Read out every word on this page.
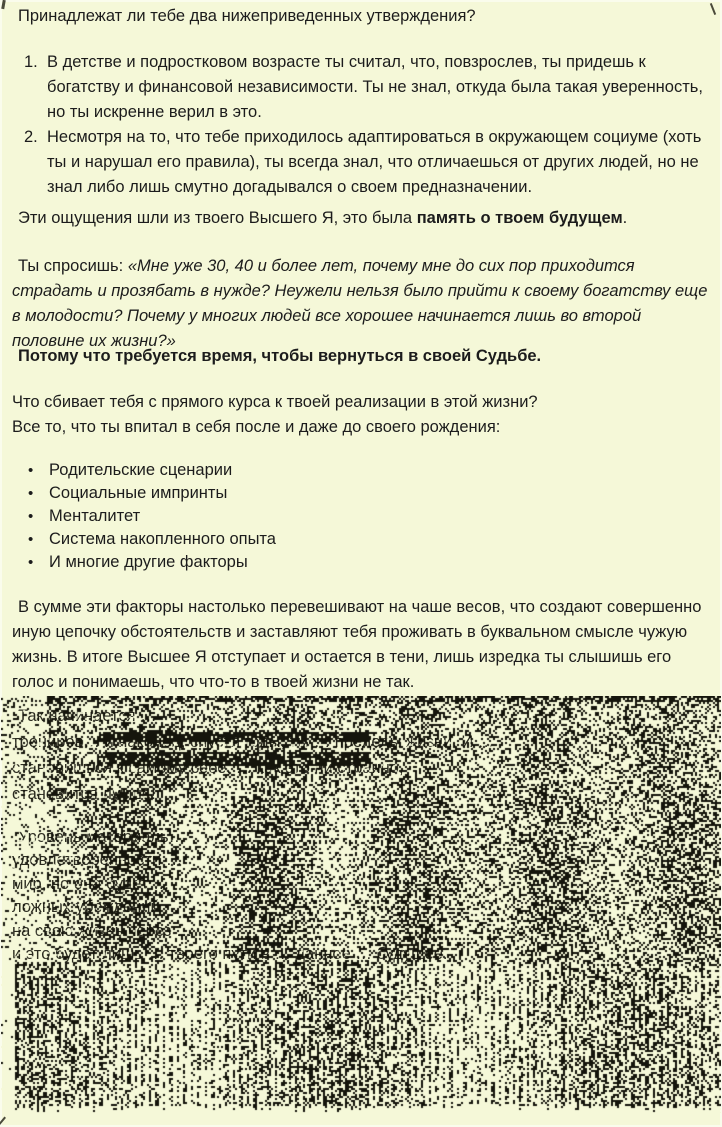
Принадлежат ли тебе два нижеприведенных утверждения?

1. В детстве и подростковом возрасте ты считал, что, повзрослев, ты придешь к богатству и финансовой независимости. Ты не знал, откуда была такая уверенность, но ты искренне верил в это.
2. Несмотря на то, что тебе приходилось адаптироваться в окружающем социуме (хоть ты и нарушал его правила), ты всегда знал, что отличаешься от других людей, но не знал либо лишь смутно догадывался о своем предназначении.

Эти ощущения шли из твоего Высшего Я, это была память о твоем будущем.

Ты спросишь: «Мне уже 30, 40 и более лет, почему мне до сих пор приходится страдать и прозябать в нужде? Неужели нельзя было прийти к своему богатству еще в молодости? Почему у многих людей все хорошее начинается лишь во второй половине их жизни?»

Потому что требуется время, чтобы вернуться в своей Судьбе.

Что сбивает тебя с прямого курса к твоей реализации в этой жизни?

Все то, что ты впитал в себя после и даже до своего рождения:

• Родительские сценарии
• Социальные импринты
• Менталитет
• Система накопленного опыта
• И многие другие факторы

В сумме эти факторы настолько перевешивают на чаше весов, что создают совершенно иную цепочку обстоятельств и заставляют тебя проживать в буквальном смысле чужую жизнь. В итоге Высшее Я отступает и остается в тени, лишь изредка ты слышишь его голос и понимаешь, что что-то в твоей жизни не так.
